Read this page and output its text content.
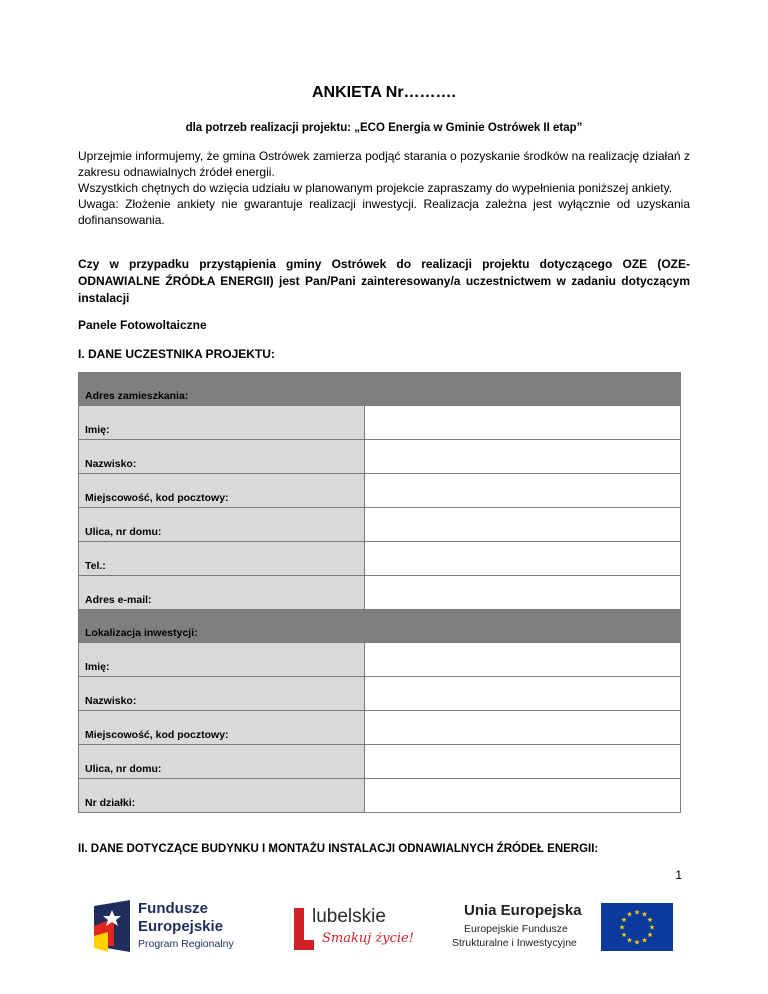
ANKIETA Nr……….
dla potrzeb realizacji projektu: „ECO Energia w Gminie Ostrówek II etap”

Uprzejmie informujemy, że gmina Ostrówek zamierza podjąć starania o pozyskanie środków na realizację działań z zakresu odnawialnych źródeł energii.

Wszystkich chętnych do wzięcia udziału w planowanym projekcie zapraszamy do wypełnienia poniższej ankiety.

Uwaga: Złożenie ankiety nie gwarantuje realizacji inwestycji. Realizacja zależna jest wyłącznie od uzyskania dofinansowania.

Czy w przypadku przystąpienia gminy Ostrówek do realizacji projektu dotyczącego OZE (OZE-ODNAWIALNE ŹRÓDŁA ENERGII) jest Pan/Pani zainteresowany/a uczestnictwem w zadaniu dotyczącym instalacji
Panele Fotowoltaiczne
I. DANE UCZESTNIKA PROJEKTU:
Adres zamieszkania:	
Imię:	
Nazwisko:	
Miejscowość, kod pocztowy:	
Ulica, nr domu:	
Tel.:	
Adres e-mail:	
Lokalizacja inwestycji:	
Imię:	
Nazwisko:	
Miejscowość, kod pocztowy:	
Ulica, nr domu:	
Nr działki:	
II. DANE DOTYCZĄCE BUDYNKU I MONTAŻU INSTALACJI ODNAWIALNYCH ŹRÓDEŁ ENERGII:
1
Fundusze
Europejskie
Program Regionalny
lubelskie
Smakuj życie!
Unia Europejska
Europejskie Fundusze
Strukturalne i Inwestycyjne
★
★
★
★
★
★
★
★
★ ★ ★
★
